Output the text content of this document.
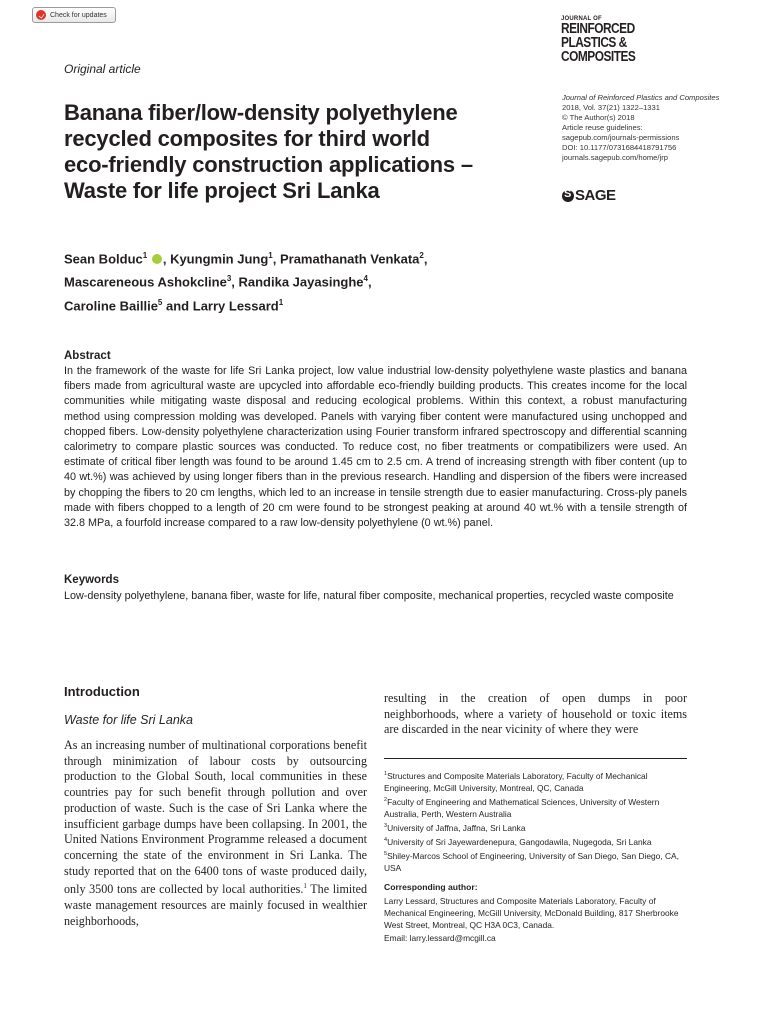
Check for updates
Original article
JOURNAL OF
REINFORCED
PLASTICS &
COMPOSITES
Journal of Reinforced Plastics and Composites
2018, Vol. 37(21) 1322–1331
© The Author(s) 2018
Article reuse guidelines:
sagepub.com/journals-permissions
DOI: 10.1177/0731684418791756
journals.sagepub.com/home/jrp
S
SAGE
Banana fiber/low-density polyethylene
recycled composites for third world
eco-friendly construction applications –
Waste for life project Sri Lanka
Sean Bolduc$^1$ , Kyungmin Jung$^1$, Pramathanath Venkata$^2$,
Mascareneous Ashokcline$^3$, Randika Jayasinghe$^4$,
Caroline Baillie$^5$ and Larry Lessard$^1$
Abstract
In the framework of the waste for life Sri Lanka project, low value industrial low-density polyethylene waste plastics and banana fibers made from agricultural waste are upcycled into affordable eco-friendly building products. This creates income for the local communities while mitigating waste disposal and reducing ecological problems. Within this context, a robust manufacturing method using compression molding was developed. Panels with varying fiber content were manufactured using unchopped and chopped fibers. Low-density polyethylene characterization using Fourier transform infrared spectroscopy and differential scanning calorimetry to compare plastic sources was conducted. To reduce cost, no fiber treatments or compatibilizers were used. An estimate of critical fiber length was found to be around 1.45 cm to 2.5 cm. A trend of increasing strength with fiber content (up to 40 wt.%) was achieved by using longer fibers than in the previous research. Handling and dispersion of the fibers were increased by chopping the fibers to 20 cm lengths, which led to an increase in tensile strength due to easier manufacturing. Cross-ply panels made with fibers chopped to a length of 20 cm were found to be strongest peaking at around 40 wt.% with a tensile strength of 32.8 MPa, a fourfold increase compared to a raw low-density polyethylene (0 wt.%) panel.
Keywords
Low-density polyethylene, banana fiber, waste for life, natural fiber composite, mechanical properties, recycled waste composite
Introduction
Waste for life Sri Lanka
As an increasing number of multinational corporations benefit through minimization of labour costs by outsourcing production to the Global South, local communities in these countries pay for such benefit through pollution and over production of waste. Such is the case of Sri Lanka where the insufficient garbage dumps have been collapsing. In 2001, the United Nations Environment Programme released a document concerning the state of the environment in Sri Lanka. The study reported that on the 6400 tons of waste produced daily, only 3500 tons are collected by local authorities.$^1$ The limited waste management resources are mainly focused in wealthier neighborhoods,
resulting in the creation of open dumps in poor neighborhoods, where a variety of household or toxic items are discarded in the near vicinity of where they were
$^1$Structures and Composite Materials Laboratory, Faculty of Mechanical Engineering, McGill University, Montreal, QC, Canada
$^2$Faculty of Engineering and Mathematical Sciences, University of Western Australia, Perth, Western Australia
$^3$University of Jaffna, Jaffna, Sri Lanka
$^4$University of Sri Jayewardenepura, Gangodawila, Nugegoda, Sri Lanka
$^5$Shiley-Marcos School of Engineering, University of San Diego, San Diego, CA, USA
Corresponding author:
Larry Lessard, Structures and Composite Materials Laboratory, Faculty of Mechanical Engineering, McGill University, McDonald Building, 817 Sherbrooke West Street, Montreal, QC H3A 0C3, Canada.
Email: larry.lessard@mcgill.ca
